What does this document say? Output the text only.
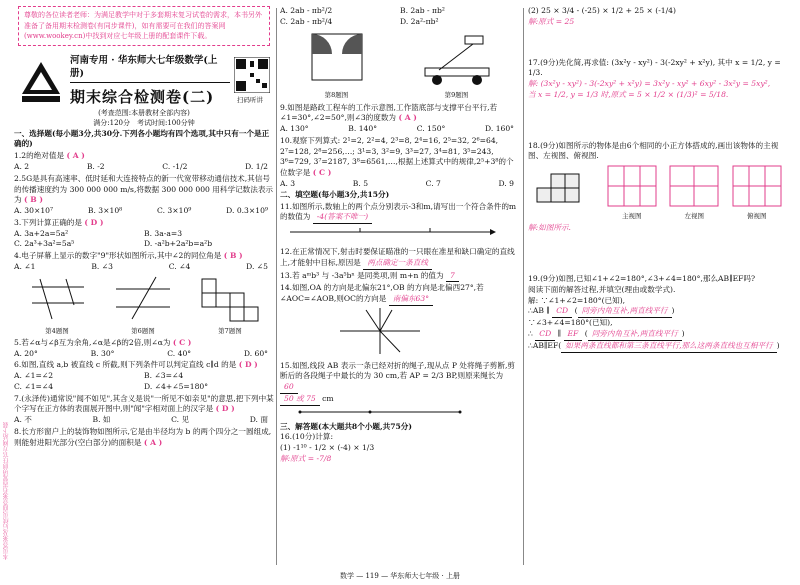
本页答案及后续页面答案若需要请前往官方网站下载
尊敬的各位读者老师：为满足教学中对于多套期末复习试卷的需求，本书另外准备了备用期末检测卷(有同步课件)，如有需要可在我们的答案网(www.wookey.cn)中找到对应七年级上册的配套课件下载。
河南专用 · 华东师大七年级数学(上册)
期末综合检测卷(二)	扫码听讲
(考查范围:本册教材全部内容)
满分:120分　考试时间:100分钟
一、选择题(每小题3分,共30分.下列各小题均有四个选项,其中只有一个是正确的)
1.2的绝对值是 ( A )
A. 2	B. -2	C. -1/2	D. 1/2
2.5G是具有高速率、低时延和大连接特点的新一代宽带移动通信技术,其信号的传播速度约为 300 000 000 m/s,将数据 300 000 000 用科学记数法表示为 ( B )
A. 30×10⁷	B. 3×10⁸	C. 3×10⁹	D. 0.3×10⁹
3.下列计算正确的是 ( D )
A. 3a+2a=5a²	B. 3a-a=3
C. 2a³+3a²=5a⁵	D. -a²b+2a²b=a²b
4.电子屏幕上显示的数字"9"形状如图所示,其中∠2的同位角是 ( B )
A. ∠1	B. ∠3	C. ∠4	D. ∠5
第4题图	第6题图	第7题图
5.若∠α与∠β互为余角,∠α是∠β的2倍,则∠α为 ( C )
A. 20°	B. 30°	C. 40°	D. 60°
6.如图,直线 a,b 被直线 c 所截,则下列条件可以判定直线 c∥d 的是 ( D )
A. ∠1=∠2	B. ∠3=∠4
C. ∠1=∠4	D. ∠4+∠5=180°
7.(永泽传)通常说"闻不如见",其含义是说"一所见不如亲见"的意思,把下列中某个字写在正方体的表面展开图中,则"闻"字相对面上的汉字是 ( D )
A. 不	B. 如	C. 见	D. 面
8.长方形窗户上的装饰物如图所示,它是由半径均为 b 的两个四分之一圆组成,则能射进阳光部分(空白部分)的面积是 ( A )
A. 2ab - πb²/2	B. 2ab - πb²
C. 2ab - πb²/4	D. 2a²-πb²
第8题图	第9题图
9.如图是路政工程车的工作示意图,工作篮底部与支撑平台平行,若∠1=30°,∠2=50°,则∠3的度数为 ( A )
A. 130°	B. 140°	C. 150°	D. 160°
10.观察下列算式: 2¹=2, 2²=4, 2³=8, 2⁴=16, 2⁵=32, 2⁶=64, 2⁷=128, 2⁸=256,…; 3¹=3, 3²=9, 3³=27, 3⁴=81, 3⁵=243, 3⁶=729, 3⁷=2187, 3⁸=6561,…,根据上述算式中的规律,2⁵+3⁸的个位数字是 ( C )
A. 3	B. 5	C. 7	D. 9
二、填空题(每小题3分,共15分)
11.如图所示,数轴上的两个点分别表示-3和m,请写出一个符合条件的m的数值为 -4(答案不唯一)
12.在正常情况下,射击时要保证瞄准的一只眼在准星和缺口确定的直线上,才能射中目标,原因是 两点确定一条直线
13.若 aᵐb³ 与 -3a⁵bⁿ 是同类项,则 m+n 的值为 7
14.如图,OA 的方向是北偏东21°,OB 的方向是北偏西27°,若∠AOC=∠AOB,则OC的方向是 南偏东63°
15.如图,线段 AB 表示一条已经对折的绳子,现从点 P 处将绳子剪断,剪断后的各段绳子中最长的为 30 cm,若 AP = 2/3 BP,则原来绳长为 60
50 或 75 cm
三、解答题(本大题共8个小题,共75分)
16.(10分)计算:
(1) -1¹⁰ - 1/2 × (-4) × 1/3
解:原式 = -7/8
(2) 25 × 3/4 - (-25) × 1/2 + 25 × (-1/4)
解:原式 = 25
17.(9分)先化简,再求值: (3x²y - xy²) - 3(-2xy² + x²y), 其中 x = 1/2, y = 1/3.
解: (3x²y - xy²) - 3(-2xy² + x²y) = 3x²y - xy² + 6xy² - 3x²y = 5xy²,
当 x = 1/2, y = 1/3 时,原式 = 5 × 1/2 × (1/3)² = 5/18.
18.(9分)如图所示的物体是由6个相同的小正方体搭成的,画出该物体的主视图、左视图、俯视图.
主视图	左视图	俯视图
解:如图所示.
19.(9分)如图,已知∠1+∠2=180°,∠3+∠4=180°,那么AB∥EF吗?
阅读下面的解答过程,并填空(理由或数学式).
解: ∵∠1+∠2=180°(已知),
∴AB ∥ CD ( 同旁内角互补,两直线平行 )
∵∠3+∠4=180°(已知),
∴ CD ∥ EF ( 同旁内角互补,两直线平行 )
∴AB∥EF( 如果两条直线都和第三条直线平行,那么这两条直线也互相平行 )
数学 — 119 — 华东师大七年级 · 上册
